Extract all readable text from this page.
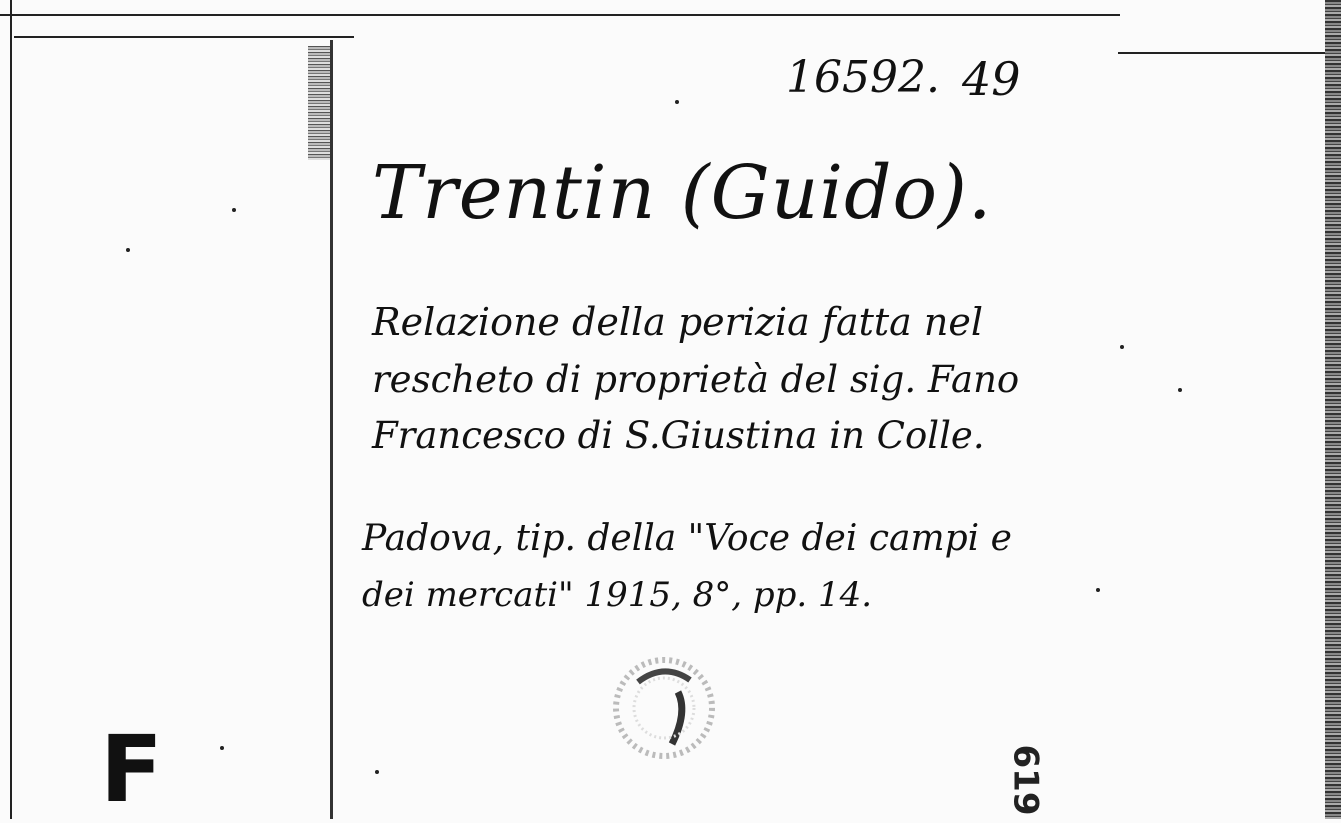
16592. 49
Trentin (Guido).
Relazione della perizia fatta nel
rescheto di proprietà del sig. Fano
Francesco di S.Giustina in Colle.
Padova, tip. della "Voce dei campi e
dei mercati" 1915, 8°, pp. 14.
619
F
